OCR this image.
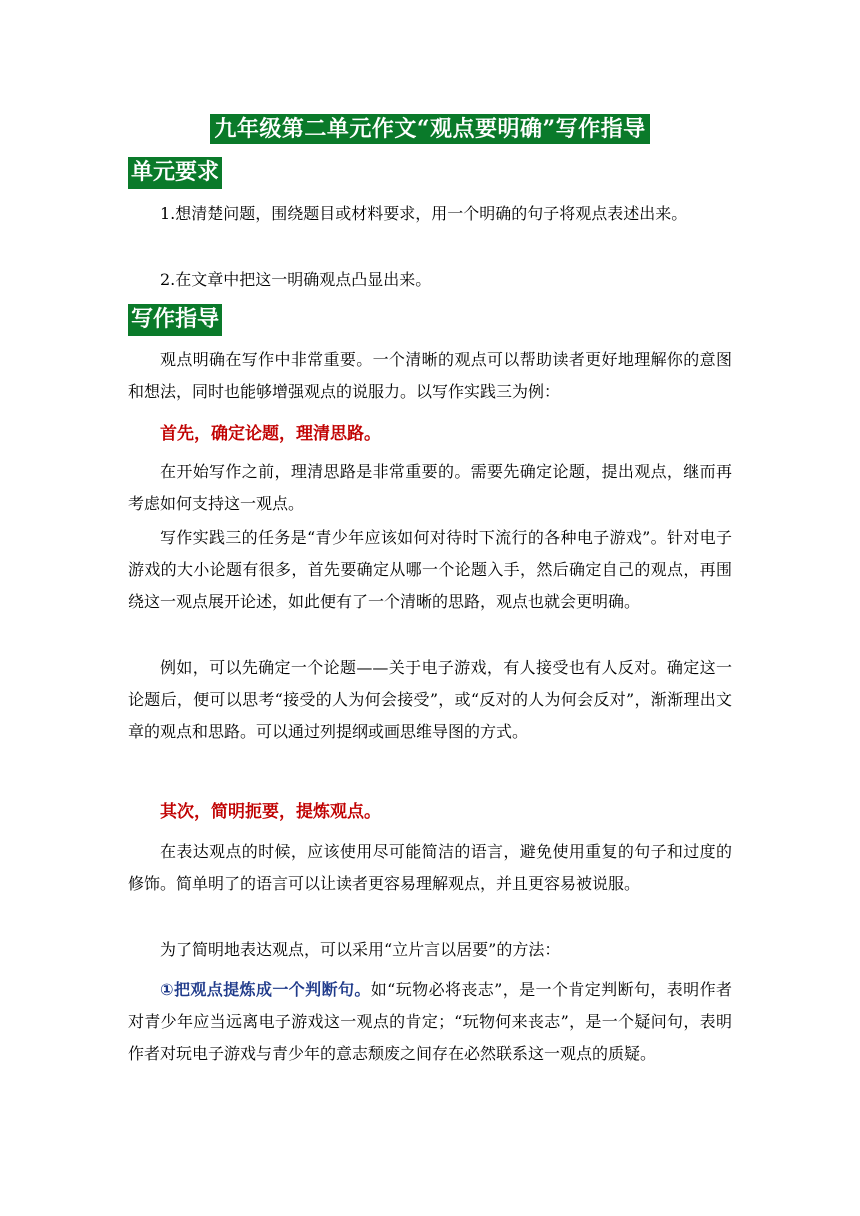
九年级第二单元作文“观点要明确”写作指导
单元要求
1.想清楚问题，围绕题目或材料要求，用一个明确的句子将观点表述出来。
2.在文章中把这一明确观点凸显出来。
写作指导
观点明确在写作中非常重要。一个清晰的观点可以帮助读者更好地理解你的意图和想法，同时也能够增强观点的说服力。以写作实践三为例：
首先，确定论题，理清思路。
在开始写作之前，理清思路是非常重要的。需要先确定论题，提出观点，继而再考虑如何支持这一观点。
写作实践三的任务是“青少年应该如何对待时下流行的各种电子游戏”。针对电子游戏的大小论题有很多，首先要确定从哪一个论题入手，然后确定自己的观点，再围绕这一观点展开论述，如此便有了一个清晰的思路，观点也就会更明确。
例如，可以先确定一个论题——关于电子游戏，有人接受也有人反对。确定这一论题后，便可以思考“接受的人为何会接受”，或“反对的人为何会反对”，渐渐理出文章的观点和思路。可以通过列提纲或画思维导图的方式。
其次，简明扼要，提炼观点。
在表达观点的时候，应该使用尽可能简洁的语言，避免使用重复的句子和过度的修饰。简单明了的语言可以让读者更容易理解观点，并且更容易被说服。
为了简明地表达观点，可以采用“立片言以居要”的方法：
①把观点提炼成一个判断句。如“玩物必将丧志”，是一个肯定判断句，表明作者对青少年应当远离电子游戏这一观点的肯定；“玩物何来丧志”，是一个疑问句，表明作者对玩电子游戏与青少年的意志颓废之间存在必然联系这一观点的质疑。
